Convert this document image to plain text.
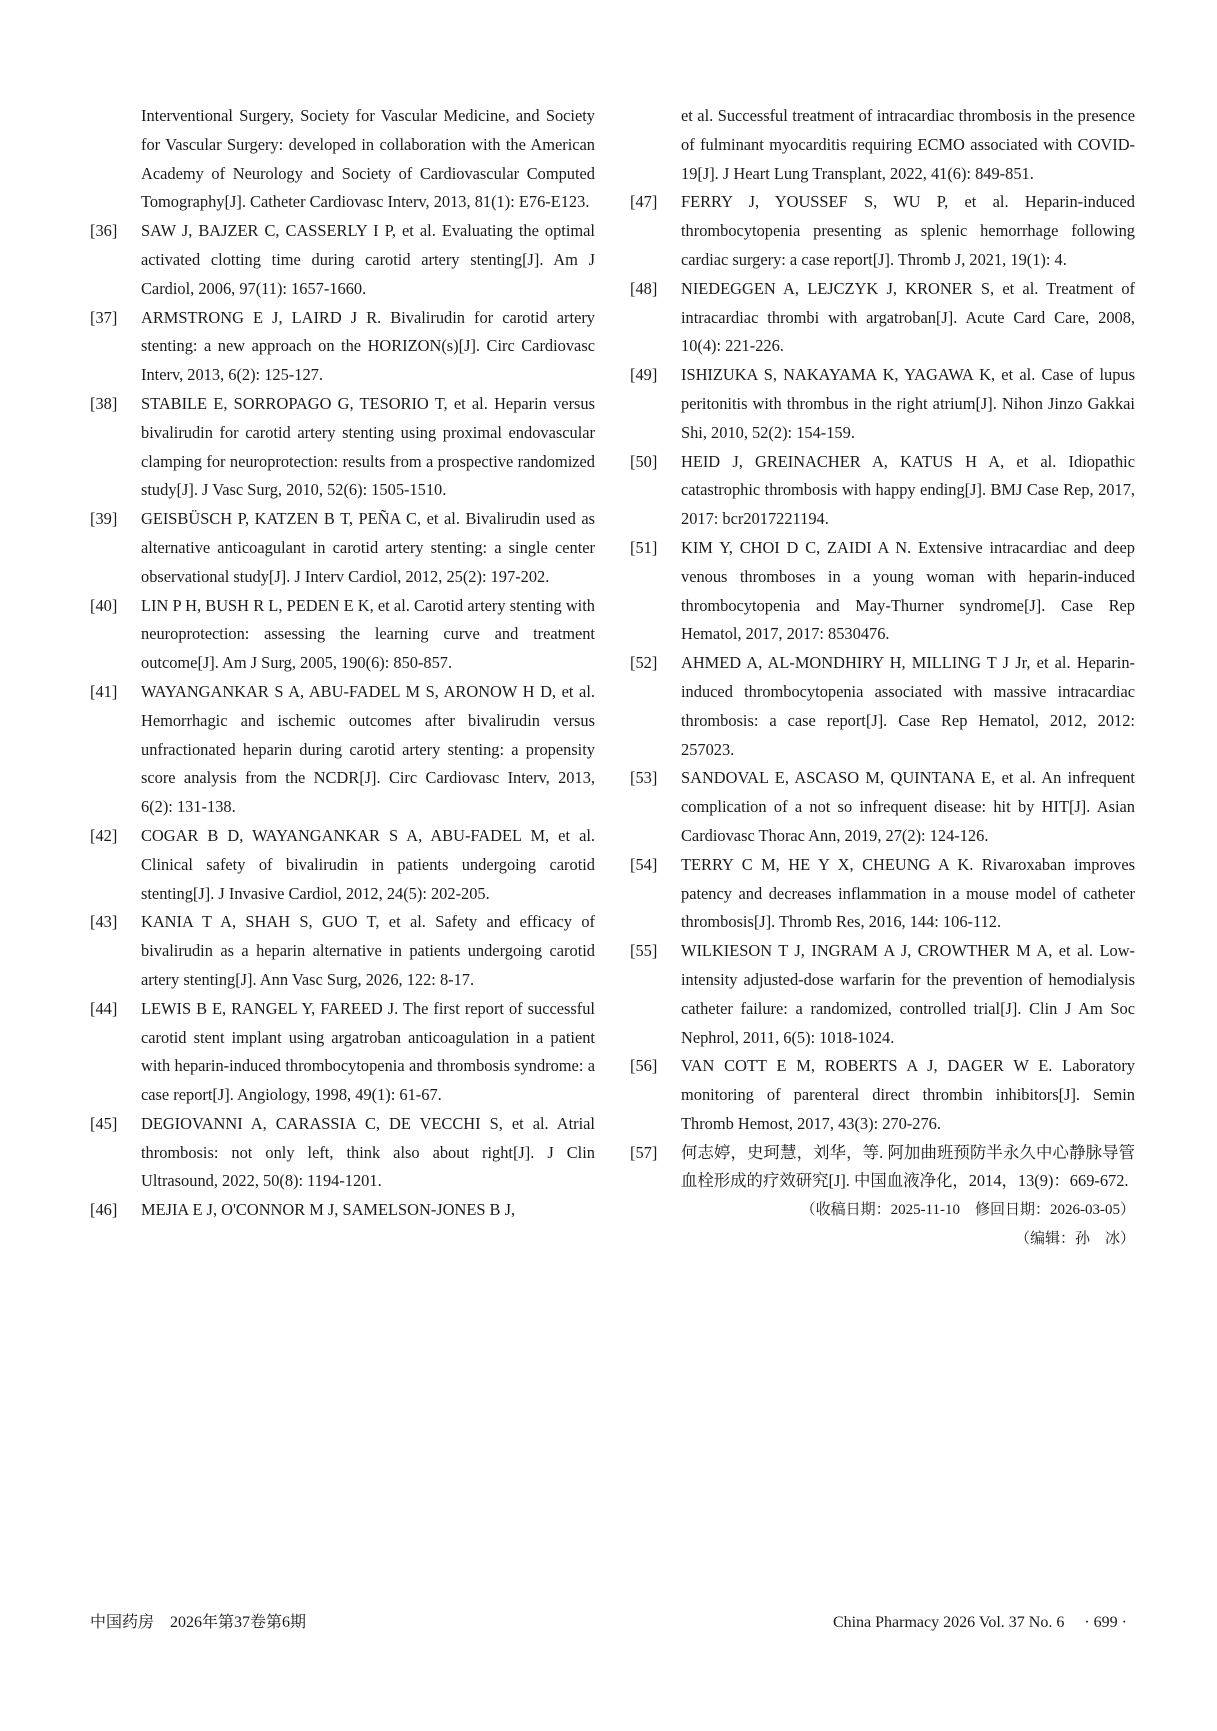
Interventional Surgery, Society for Vascular Medicine, and Society for Vascular Surgery: developed in collaboration with the American Academy of Neurology and Society of Cardiovascular Computed Tomography[J]. Catheter Cardiovasc Interv, 2013, 81(1): E76-E123.
[36]	SAW J, BAJZER C, CASSERLY I P, et al. Evaluating the optimal activated clotting time during carotid artery stenting[J]. Am J Cardiol, 2006, 97(11): 1657-1660.
[37]	ARMSTRONG E J, LAIRD J R. Bivalirudin for carotid artery stenting: a new approach on the HORIZON(s)[J]. Circ Cardiovasc Interv, 2013, 6(2): 125-127.
[38]	STABILE E, SORROPAGO G, TESORIO T, et al. Heparin versus bivalirudin for carotid artery stenting using proximal endovascular clamping for neuroprotection: results from a prospective randomized study[J]. J Vasc Surg, 2010, 52(6): 1505-1510.
[39]	GEISBÜSCH P, KATZEN B T, PEÑA C, et al. Bivalirudin used as alternative anticoagulant in carotid artery stenting: a single center observational study[J]. J Interv Cardiol, 2012, 25(2): 197-202.
[40]	LIN P H, BUSH R L, PEDEN E K, et al. Carotid artery stenting with neuroprotection: assessing the learning curve and treatment outcome[J]. Am J Surg, 2005, 190(6): 850-857.
[41]	WAYANGANKAR S A, ABU-FADEL M S, ARONOW H D, et al. Hemorrhagic and ischemic outcomes after bivalirudin versus unfractionated heparin during carotid artery stenting: a propensity score analysis from the NCDR[J]. Circ Cardiovasc Interv, 2013, 6(2): 131-138.
[42]	COGAR B D, WAYANGANKAR S A, ABU-FADEL M, et al. Clinical safety of bivalirudin in patients undergoing carotid stenting[J]. J Invasive Cardiol, 2012, 24(5): 202-205.
[43]	KANIA T A, SHAH S, GUO T, et al. Safety and efficacy of bivalirudin as a heparin alternative in patients undergoing carotid artery stenting[J]. Ann Vasc Surg, 2026, 122: 8-17.
[44]	LEWIS B E, RANGEL Y, FAREED J. The first report of successful carotid stent implant using argatroban anticoagulation in a patient with heparin-induced thrombocytopenia and thrombosis syndrome: a case report[J]. Angiology, 1998, 49(1): 61-67.
[45]	DEGIOVANNI A, CARASSIA C, DE VECCHI S, et al. Atrial thrombosis: not only left, think also about right[J]. J Clin Ultrasound, 2022, 50(8): 1194-1201.
[46]	MEJIA E J, O'CONNOR M J, SAMELSON-JONES B J,
et al. Successful treatment of intracardiac thrombosis in the presence of fulminant myocarditis requiring ECMO associated with COVID-19[J]. J Heart Lung Transplant, 2022, 41(6): 849-851.
[47]	FERRY J, YOUSSEF S, WU P, et al. Heparin-induced thrombocytopenia presenting as splenic hemorrhage following cardiac surgery: a case report[J]. Thromb J, 2021, 19(1): 4.
[48]	NIEDEGGEN A, LEJCZYK J, KRONER S, et al. Treatment of intracardiac thrombi with argatroban[J]. Acute Card Care, 2008, 10(4): 221-226.
[49]	ISHIZUKA S, NAKAYAMA K, YAGAWA K, et al. Case of lupus peritonitis with thrombus in the right atrium[J]. Nihon Jinzo Gakkai Shi, 2010, 52(2): 154-159.
[50]	HEID J, GREINACHER A, KATUS H A, et al. Idiopathic catastrophic thrombosis with happy ending[J]. BMJ Case Rep, 2017, 2017: bcr2017221194.
[51]	KIM Y, CHOI D C, ZAIDI A N. Extensive intracardiac and deep venous thromboses in a young woman with heparin-induced thrombocytopenia and May-Thurner syndrome[J]. Case Rep Hematol, 2017, 2017: 8530476.
[52]	AHMED A, AL-MONDHIRY H, MILLING T J Jr, et al. Heparin-induced thrombocytopenia associated with massive intracardiac thrombosis: a case report[J]. Case Rep Hematol, 2012, 2012: 257023.
[53]	SANDOVAL E, ASCASO M, QUINTANA E, et al. An infrequent complication of a not so infrequent disease: hit by HIT[J]. Asian Cardiovasc Thorac Ann, 2019, 27(2): 124-126.
[54]	TERRY C M, HE Y X, CHEUNG A K. Rivaroxaban improves patency and decreases inflammation in a mouse model of catheter thrombosis[J]. Thromb Res, 2016, 144: 106-112.
[55]	WILKIESON T J, INGRAM A J, CROWTHER M A, et al. Low-intensity adjusted-dose warfarin for the prevention of hemodialysis catheter failure: a randomized, controlled trial[J]. Clin J Am Soc Nephrol, 2011, 6(5): 1018-1024.
[56]	VAN COTT E M, ROBERTS A J, DAGER W E. Laboratory monitoring of parenteral direct thrombin inhibitors[J]. Semin Thromb Hemost, 2017, 43(3): 270-276.
[57]	何志婷，史珂慧，刘华，等. 阿加曲班预防半永久中心静脉导管血栓形成的疗效研究[J]. 中国血液净化，2014，13(9)：669-672.
（收稿日期：2025-11-10　修回日期：2026-03-05）
（编辑：孙　冰）
中国药房　2026年第37卷第6期	China Pharmacy 2026 Vol. 37 No. 6　 · 699 ·
